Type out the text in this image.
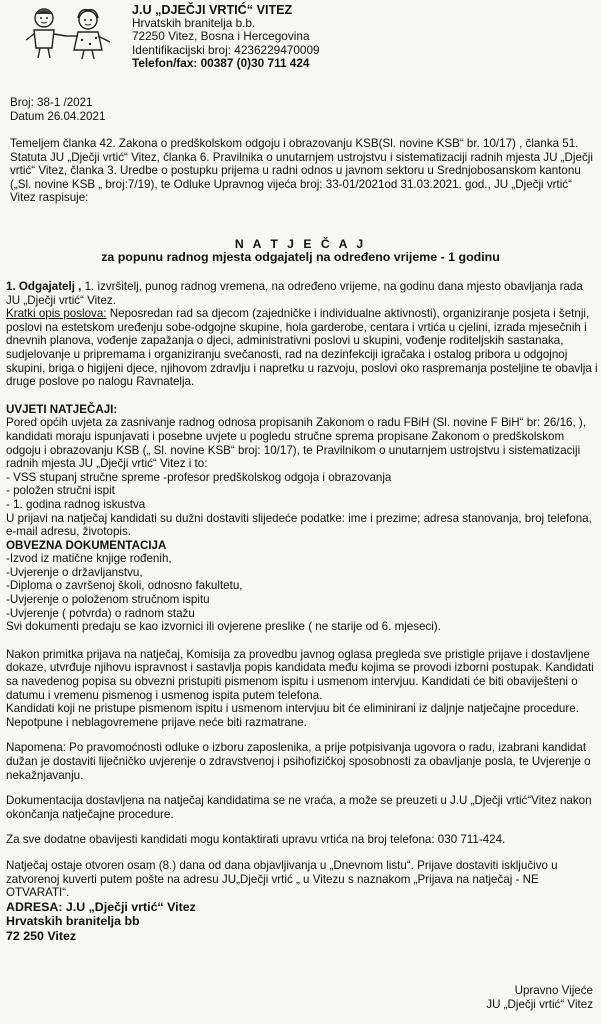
J.U „DJEČJI VRTIĆ“ VITEZ

Hrvatskih branitelja b.b.

72250 Vitez, Bosna i Hercegovina

Identifikacijski broj: 4236229470009

Telefon/fax: 00387 (0)30 711 424

Broj: 38-1 /2021

Datum 26.04.2021

Temeljem članka 42. Zakona o predškolskom odgoju i obrazovanju KSB(Sl. novine KSB“ br. 10/17) , članka 51. Statuta JU „Dječji vrtić“ Vitez, članka 6. Pravilnika o unutarnjem ustrojstvu i sistematizaciji radnih mjesta JU „Dječji vrtić“ Vitez, članka 3. Uredbe o postupku prijema u radni odnos u javnom sektoru u Srednjobosanskom kantonu („Sl. novine KSB „ broj:7/19), te Odluke Upravnog vijeća broj: 33-01/2021od 31.03.2021. god., JU „Dječji vrtić“ Vitez raspisuje:

N A T J E Č A J

za popunu radnog mjesta odgajatelj na određeno vrijeme - 1 godinu

1. Odgajatelj , 1. izvršitelj, punog radnog vremena, na određeno vrijeme, na godinu dana mjesto obavljanja rada JU „Dječji vrtić“ Vitez.

Kratki opis poslova: Neposredan rad sa djecom (zajedničke i individualne aktivnosti), organiziranje posjeta i šetnji, poslovi na estetskom uređenju sobe-odgojne skupine, hola garderobe, centara i vrtića u cjelini, izrada mjesečnih i dnevnih planova, vođenje zapažanja o djeci, administrativni poslovi u skupini, vođenje roditeljskih sastanaka, sudjelovanje u pripremama i organiziranju svečanosti, rad na dezinfekciji igračaka i ostalog pribora u odgojnoj skupini, briga o higijeni djece, njihovom zdravlju i napretku u razvoju, poslovi oko raspremanja posteljine te obavlja i druge poslove po nalogu Ravnatelja.

UVJETI NATJEČAJI:

Pored općih uvjeta za zasnivanje radnog odnosa propisanih Zakonom o radu FBiH (Sl. novine F BiH“ br: 26/16, ), kandidati moraju ispunjavati i posebne uvjete u pogledu stručne sprema propisane Zakonom o predškolskom odgoju i obrazovanju KSB („ Sl. novine KSB“ broj: 10/17), te Pravilnikom o unutarnjem ustrojstvu i sistematizaciji radnih mjesta JU „Dječji vrtić“ Vitez i to:

- VSS stupanj stručne spreme -profesor predškolskog odgoja i obrazovanja

- položen stručni ispit

- 1. godina radnog iskustva

U prijavi na natječaj kandidati su dužni dostaviti slijedeće podatke: ime i prezime; adresa stanovanja, broj telefona, e-mail adresu, životopis.

OBVEZNA DOKUMENTACIJA

-Izvod iz matične knjige rođenih,

-Uvjerenje o državljanstvu,

-Diploma o završenoj školi, odnosno fakultetu,

-Uvjerenje o položenom stručnom ispitu

-Uvjerenje ( potvrda) o radnom stažu

Svi dokumenti predaju se kao izvornici ili ovjerene preslike ( ne starije od 6. mjeseci).

Nakon primitka prijava na natječaj, Komisija za provedbu javnog oglasa pregleda sve pristigle prijave i dostavljene dokaze, utvrđuje njihovu ispravnost i sastavlja popis kandidata među kojima se provodi izborni postupak. Kandidati sa navedenog popisa su obvezni pristupiti pismenom ispitu i usmenom intervjuu. Kandidati će biti obaviješteni o datumu i vremenu pismenog i usmenog ispita putem telefona.

Kandidati koji ne pristupe pismenom ispitu i usmenom intervjuu bit će eliminirani iz daljnje natječajne procedure.

Nepotpune i neblagovremene prijave neće biti razmatrane.

Napomena: Po pravomoćnosti odluke o izboru zaposlenika, a prije potpisivanja ugovora o radu, izabrani kandidat dužan je dostaviti liječničko uvjerenje o zdravstvenoj i psihofizičkoj sposobnosti za obavljanje posla, te Uvjerenje o nekažnjavanju.

Dokumentacija dostavljena na natječaj kandidatima se ne vraća, a može se preuzeti u J.U „Dječji vrtić“Vitez nakon okončanja natječajne procedure.

Za sve dodatne obavijesti kandidati mogu kontaktirati upravu vrtića na broj telefona: 030 711-424.

Natječaj ostaje otvoren osam (8.) dana od dana objavljivanja u „Dnevnom listu“. Prijave dostaviti isključivo u zatvorenoj kuverti putem pošte na adresu JU„Dječji vrtić „ u Vitezu s naznakom „Prijava na natječaj - NE OTVARATI“.

ADRESA: J.U „Dječji vrtić“ Vitez

Hrvatskih branitelja bb

72 250 Vitez

Upravno Vijeće

JU „Dječji vrtić“ Vitez
